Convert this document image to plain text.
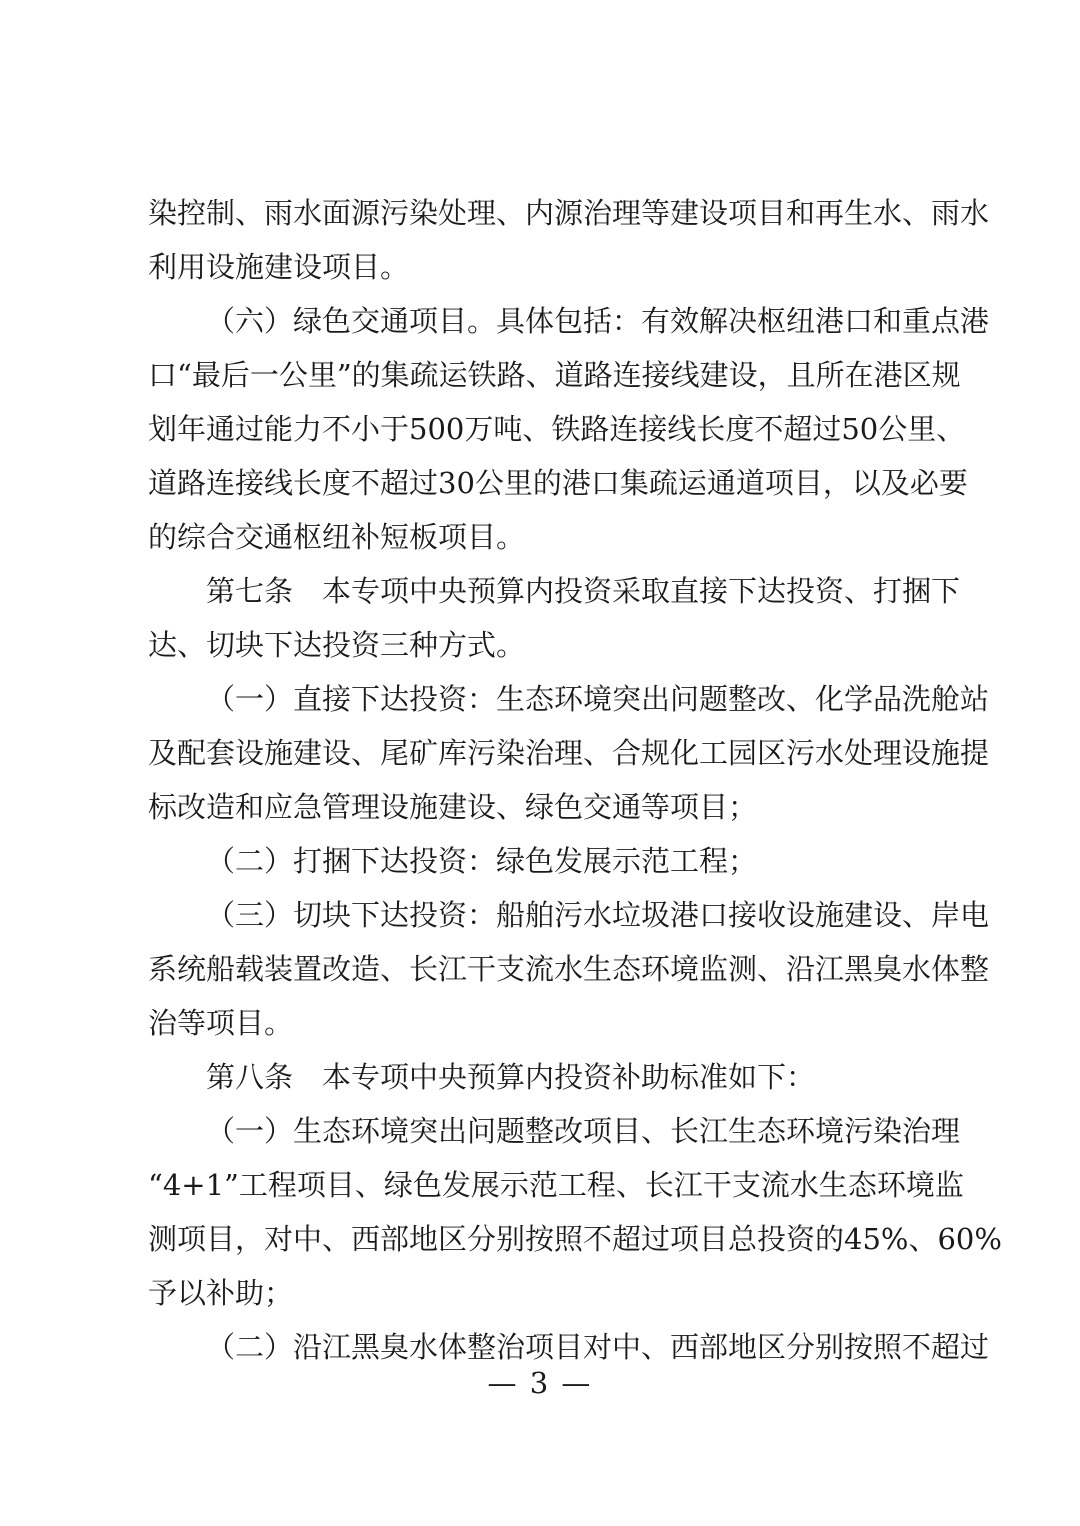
染控制、雨水面源污染处理、内源治理等建设项目和再生水、雨水
利用设施建设项目。
（六）绿色交通项目。具体包括：有效解决枢纽港口和重点港
口“最后一公里”的集疏运铁路、道路连接线建设，且所在港区规
划年通过能力不小于500万吨、铁路连接线长度不超过50公里、
道路连接线长度不超过30公里的港口集疏运通道项目，以及必要
的综合交通枢纽补短板项目。
第七条　本专项中央预算内投资采取直接下达投资、打捆下
达、切块下达投资三种方式。
（一）直接下达投资：生态环境突出问题整改、化学品洗舱站
及配套设施建设、尾矿库污染治理、合规化工园区污水处理设施提
标改造和应急管理设施建设、绿色交通等项目；
（二）打捆下达投资：绿色发展示范工程；
（三）切块下达投资：船舶污水垃圾港口接收设施建设、岸电
系统船载装置改造、长江干支流水生态环境监测、沿江黑臭水体整
治等项目。
第八条　本专项中央预算内投资补助标准如下：
（一）生态环境突出问题整改项目、长江生态环境污染治理
“4+1”工程项目、绿色发展示范工程、长江干支流水生态环境监
测项目，对中、西部地区分别按照不超过项目总投资的45%、60%
予以补助；
（二）沿江黑臭水体整治项目对中、西部地区分别按照不超过
— 3 —
